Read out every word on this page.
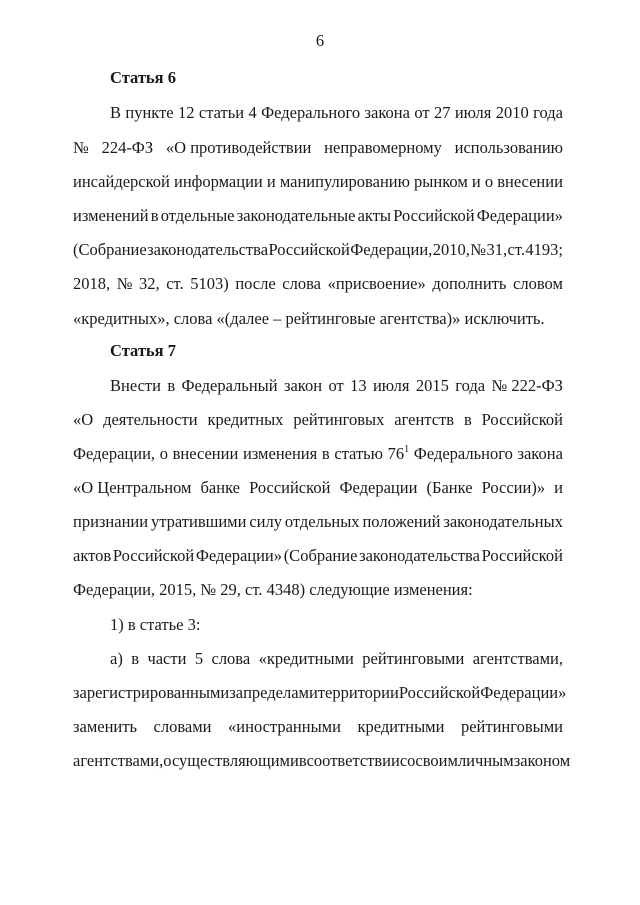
6
Статья 6
В пункте 12 статьи 4 Федерального закона от 27 июля 2010 года
№ 224-ФЗ «О противодействии неправомерному использованию
инсайдерской информации и манипулированию рынком и о внесении
изменений в отдельные законодательные акты Российской Федерации»
(Собрание законодательства Российской Федерации, 2010, № 31, ст. 4193;
2018, № 32, ст. 5103) после слова «присвоение» дополнить словом
«кредитных», слова «(далее – рейтинговые агентства)» исключить.
Статья 7
Внести в Федеральный закон от 13 июля 2015 года № 222-ФЗ
«О деятельности кредитных рейтинговых агентств в Российской
Федерации, о внесении изменения в статью $76^1$ Федерального закона
«О Центральном банке Российской Федерации (Банке России)» и
признании утратившими силу отдельных положений законодательных
актов Российской Федерации» (Собрание законодательства Российской
Федерации, 2015, № 29, ст. 4348) следующие изменения:
1) в статье 3:
а) в части 5 слова «кредитными рейтинговыми агентствами,
зарегистрированными за пределами территории Российской Федерации»
заменить словами «иностранными кредитными рейтинговыми
агентствами, осуществляющими в соответствии со своим личным законом
